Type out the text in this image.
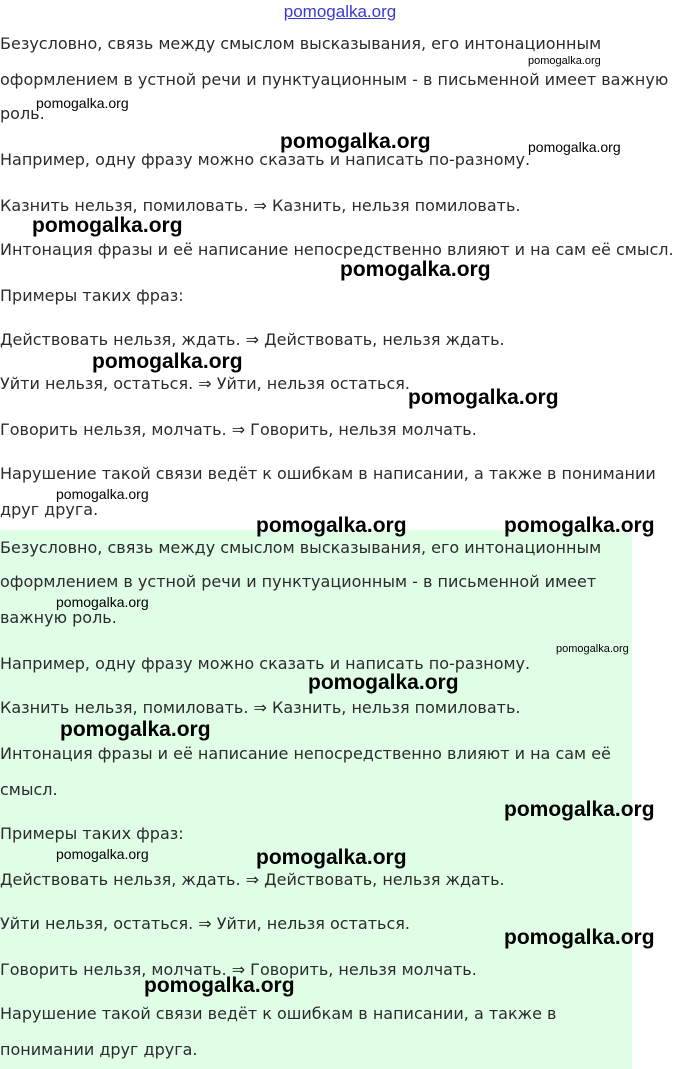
pomogalka.org

Безусловно, связь между смыслом высказывания, его интонационным

оформлением в устной речи и пунктуационным - в письменной имеет важную

роль.

Например, одну фразу можно сказать и написать по-разному.

Казнить нельзя, помиловать. ⇒ Казнить, нельзя помиловать.

Интонация фразы и её написание непосредственно влияют и на сам её смысл.

Примеры таких фраз:

Действовать нельзя, ждать. ⇒ Действовать, нельзя ждать.

Уйти нельзя, остаться. ⇒ Уйти, нельзя остаться.

Говорить нельзя, молчать. ⇒ Говорить, нельзя молчать.

Нарушение такой связи ведёт к ошибкам в написании, а также в понимании

друг друга.

Безусловно, связь между смыслом высказывания, его интонационным

оформлением в устной речи и пунктуационным - в письменной имеет

важную роль.

Например, одну фразу можно сказать и написать по-разному.

Казнить нельзя, помиловать. ⇒ Казнить, нельзя помиловать.

Интонация фразы и её написание непосредственно влияют и на сам её

смысл.

Примеры таких фраз:

Действовать нельзя, ждать. ⇒ Действовать, нельзя ждать.

Уйти нельзя, остаться. ⇒ Уйти, нельзя остаться.

Говорить нельзя, молчать. ⇒ Говорить, нельзя молчать.

Нарушение такой связи ведёт к ошибкам в написании, а также в

понимании друг друга.

pomogalka.org
pomogalka.org
pomogalka.org	pomogalka.org
pomogalka.org
pomogalka.org
pomogalka.org
pomogalka.org
pomogalka.org
pomogalka.org	pomogalka.org
pomogalka.org
pomogalka.org
pomogalka.org
pomogalka.org
pomogalka.org
pomogalka.org	pomogalka.org
pomogalka.org
pomogalka.org
